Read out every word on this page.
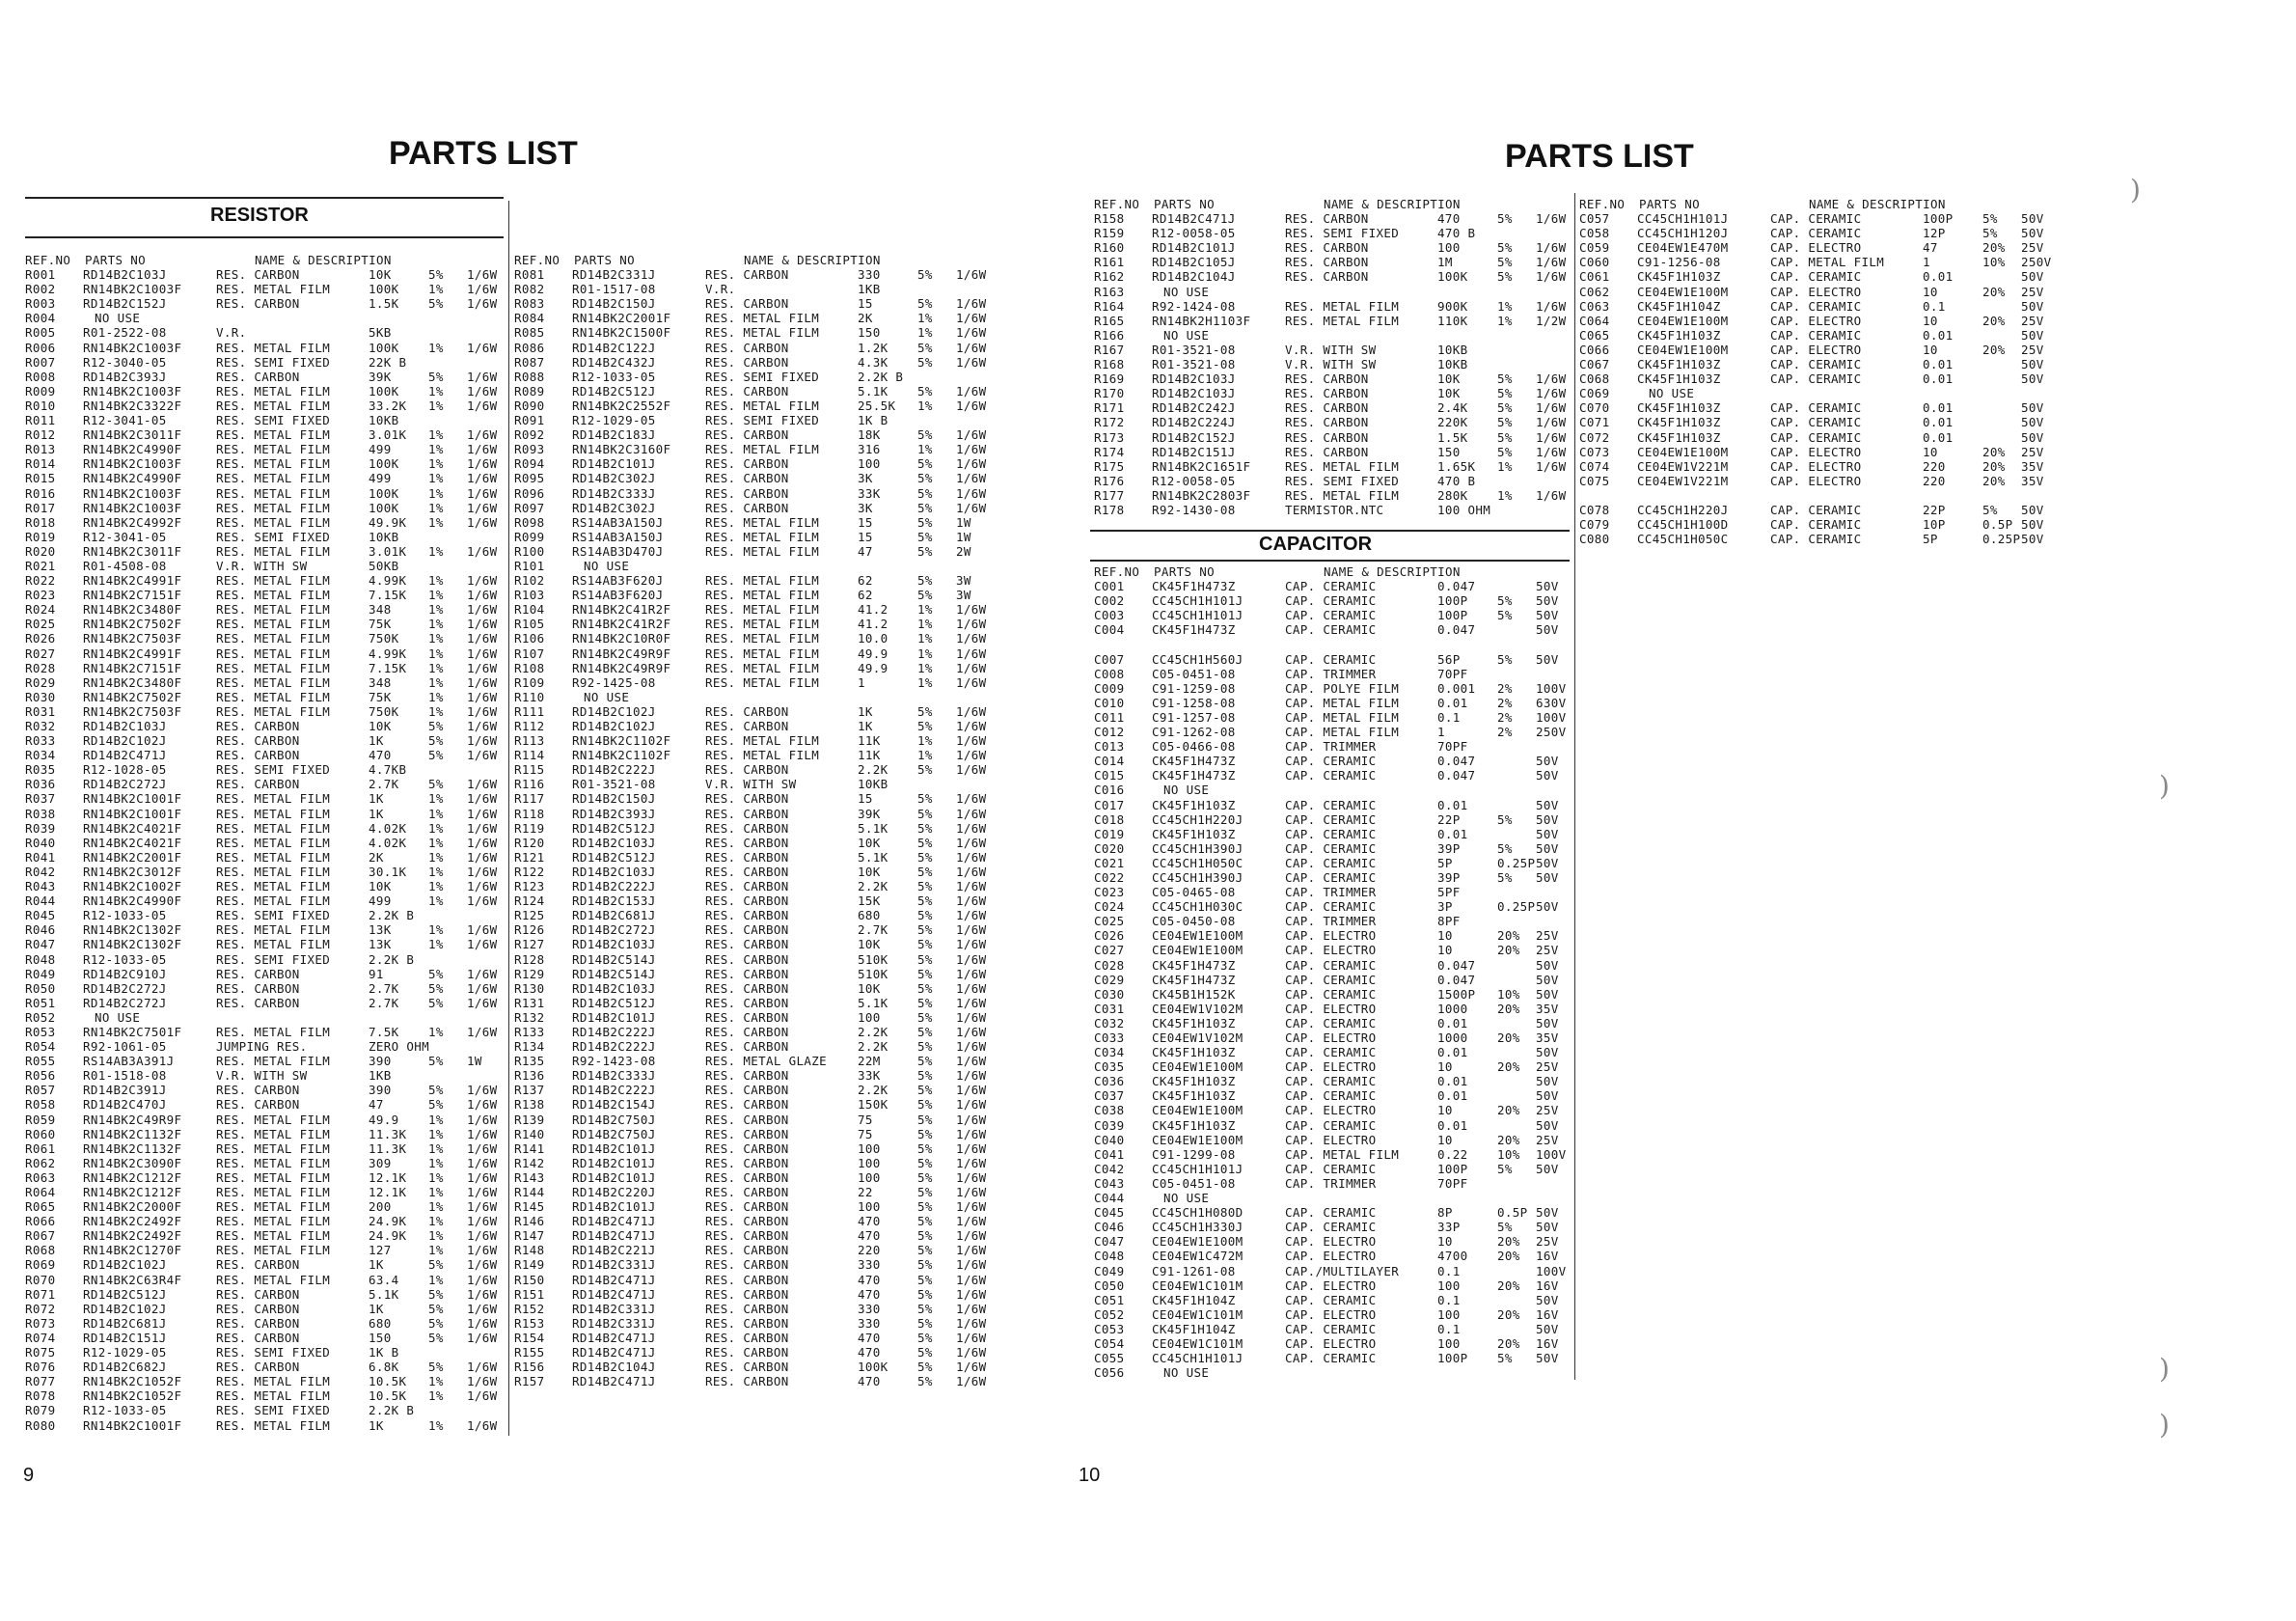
PARTS LIST
RESISTOR
REF.NO PARTS NO	NAME & DESCRIPTION
R001 RD14B2C103J	RES. CARBON	10K	5% 1/6W
R002 RN14BK2C1003F	RES. METAL FILM	100K 1% 1/6W
R003 RD14B2C152J	RES. CARBON	1.5K 5% 1/6W
R004	NO USE
R005 R01-2522-08	V.R.	5KB
R006 RN14BK2C1003F	RES. METAL FILM	100K 1% 1/6W
R007 R12-3040-05	RES. SEMI FIXED	22K B
R008 RD14B2C393J	RES. CARBON	39K	5% 1/6W
R009 RN14BK2C1003F	RES. METAL FILM	100K 1% 1/6W
R010 RN14BK2C3322F	RES. METAL FILM	33.2K 1% 1/6W
R011 R12-3041-05	RES. SEMI FIXED	10KB
R012 RN14BK2C3011F	RES. METAL FILM	3.01K 1% 1/6W
R013 RN14BK2C4990F	RES. METAL FILM	499	1% 1/6W
R014 RN14BK2C1003F	RES. METAL FILM	100K 1% 1/6W
R015 RN14BK2C4990F	RES. METAL FILM	499	1% 1/6W
R016 RN14BK2C1003F	RES. METAL FILM	100K 1% 1/6W
R017 RN14BK2C1003F	RES. METAL FILM	100K 1% 1/6W
R018 RN14BK2C4992F	RES. METAL FILM	49.9K 1% 1/6W
R019 R12-3041-05	RES. SEMI FIXED	10KB
R020 RN14BK2C3011F	RES. METAL FILM	3.01K 1% 1/6W
R021 R01-4508-08	V.R. WITH SW	50KB
R022 RN14BK2C4991F	RES. METAL FILM	4.99K 1% 1/6W
R023 RN14BK2C7151F	RES. METAL FILM	7.15K 1% 1/6W
R024 RN14BK2C3480F	RES. METAL FILM	348	1% 1/6W
R025 RN14BK2C7502F	RES. METAL FILM	75K	1% 1/6W
R026 RN14BK2C7503F	RES. METAL FILM	750K 1% 1/6W
R027 RN14BK2C4991F	RES. METAL FILM	4.99K 1% 1/6W
R028 RN14BK2C7151F	RES. METAL FILM	7.15K 1% 1/6W
R029 RN14BK2C3480F	RES. METAL FILM	348	1% 1/6W
R030 RN14BK2C7502F	RES. METAL FILM	75K	1% 1/6W
R031 RN14BK2C7503F	RES. METAL FILM	750K 1% 1/6W
R032 RD14B2C103J	RES. CARBON	10K	5% 1/6W
R033 RD14B2C102J	RES. CARBON	1K	5% 1/6W
R034 RD14B2C471J	RES. CARBON	470	5% 1/6W
R035 R12-1028-05	RES. SEMI FIXED	4.7KB
R036 RD14B2C272J	RES. CARBON	2.7K 5% 1/6W
R037 RN14BK2C1001F	RES. METAL FILM	1K	1% 1/6W
R038 RN14BK2C1001F	RES. METAL FILM	1K	1% 1/6W
R039 RN14BK2C4021F	RES. METAL FILM	4.02K 1% 1/6W
R040 RN14BK2C4021F	RES. METAL FILM	4.02K 1% 1/6W
R041 RN14BK2C2001F	RES. METAL FILM	2K	1% 1/6W
R042 RN14BK2C3012F	RES. METAL FILM	30.1K 1% 1/6W
R043 RN14BK2C1002F	RES. METAL FILM	10K	1% 1/6W
R044 RN14BK2C4990F	RES. METAL FILM	499	1% 1/6W
R045 R12-1033-05	RES. SEMI FIXED	2.2K B
R046 RN14BK2C1302F	RES. METAL FILM	13K	1% 1/6W
R047 RN14BK2C1302F	RES. METAL FILM	13K	1% 1/6W
R048 R12-1033-05	RES. SEMI FIXED	2.2K B
R049 RD14B2C910J	RES. CARBON	91	5% 1/6W
R050 RD14B2C272J	RES. CARBON	2.7K 5% 1/6W
R051 RD14B2C272J	RES. CARBON	2.7K 5% 1/6W
R052	NO USE
R053 RN14BK2C7501F	RES. METAL FILM	7.5K 1% 1/6W
R054 R92-1061-05	JUMPING RES.	ZERO OHM
R055 RS14AB3A391J	RES. METAL FILM	390	5% 1W
R056 R01-1518-08	V.R. WITH SW	1KB
R057 RD14B2C391J	RES. CARBON	390	5% 1/6W
R058 RD14B2C470J	RES. CARBON	47	5% 1/6W
R059 RN14BK2C49R9F	RES. METAL FILM	49.9 1% 1/6W
R060 RN14BK2C1132F	RES. METAL FILM	11.3K 1% 1/6W
R061 RN14BK2C1132F	RES. METAL FILM	11.3K 1% 1/6W
R062 RN14BK2C3090F	RES. METAL FILM	309	1% 1/6W
R063 RN14BK2C1212F	RES. METAL FILM	12.1K 1% 1/6W
R064 RN14BK2C1212F	RES. METAL FILM	12.1K 1% 1/6W
R065 RN14BK2C2000F	RES. METAL FILM	200	1% 1/6W
R066 RN14BK2C2492F	RES. METAL FILM	24.9K 1% 1/6W
R067 RN14BK2C2492F	RES. METAL FILM	24.9K 1% 1/6W
R068 RN14BK2C1270F	RES. METAL FILM	127	1% 1/6W
R069 RD14B2C102J	RES. CARBON	1K	5% 1/6W
R070 RN14BK2C63R4F	RES. METAL FILM	63.4 1% 1/6W
R071 RD14B2C512J	RES. CARBON	5.1K 5% 1/6W
R072 RD14B2C102J	RES. CARBON	1K	5% 1/6W
R073 RD14B2C681J	RES. CARBON	680	5% 1/6W
R074 RD14B2C151J	RES. CARBON	150	5% 1/6W
R075 R12-1029-05	RES. SEMI FIXED	1K B
R076 RD14B2C682J	RES. CARBON	6.8K 5% 1/6W
R077 RN14BK2C1052F	RES. METAL FILM	10.5K 1% 1/6W
R078 RN14BK2C1052F	RES. METAL FILM	10.5K 1% 1/6W
R079 R12-1033-05	RES. SEMI FIXED	2.2K B
R080 RN14BK2C1001F	RES. METAL FILM	1K	1% 1/6W
REF.NO PARTS NO	NAME & DESCRIPTION
R081 RD14B2C331J	RES. CARBON	330	5% 1/6W
R082 R01-1517-08	V.R.	1KB
R083 RD14B2C150J	RES. CARBON	15	5% 1/6W
R084 RN14BK2C2001F	RES. METAL FILM	2K	1% 1/6W
R085 RN14BK2C1500F	RES. METAL FILM	150	1% 1/6W
R086 RD14B2C122J	RES. CARBON	1.2K 5% 1/6W
R087 RD14B2C432J	RES. CARBON	4.3K 5% 1/6W
R088 R12-1033-05	RES. SEMI FIXED	2.2K B
R089 RD14B2C512J	RES. CARBON	5.1K 5% 1/6W
R090 RN14BK2C2552F	RES. METAL FILM	25.5K 1% 1/6W
R091 R12-1029-05	RES. SEMI FIXED	1K B
R092 RD14B2C183J	RES. CARBON	18K	5% 1/6W
R093 RN14BK2C3160F	RES. METAL FILM	316	1% 1/6W
R094 RD14B2C101J	RES. CARBON	100	5% 1/6W
R095 RD14B2C302J	RES. CARBON	3K	5% 1/6W
R096 RD14B2C333J	RES. CARBON	33K	5% 1/6W
R097 RD14B2C302J	RES. CARBON	3K	5% 1/6W
R098 RS14AB3A150J	RES. METAL FILM	15	5% 1W
R099 RS14AB3A150J	RES. METAL FILM	15	5% 1W
R100 RS14AB3D470J	RES. METAL FILM	47	5% 2W
R101	NO USE
R102 RS14AB3F620J	RES. METAL FILM	62	5% 3W
R103 RS14AB3F620J	RES. METAL FILM	62	5% 3W
R104 RN14BK2C41R2F	RES. METAL FILM	41.2 1% 1/6W
R105 RN14BK2C41R2F	RES. METAL FILM	41.2 1% 1/6W
R106 RN14BK2C10R0F	RES. METAL FILM	10.0 1% 1/6W
R107 RN14BK2C49R9F	RES. METAL FILM	49.9 1% 1/6W
R108 RN14BK2C49R9F	RES. METAL FILM	49.9 1% 1/6W
R109 R92-1425-08	RES. METAL FILM	1	1% 1/6W
R110	NO USE
R111 RD14B2C102J	RES. CARBON	1K	5% 1/6W
R112 RD14B2C102J	RES. CARBON	1K	5% 1/6W
R113 RN14BK2C1102F	RES. METAL FILM	11K	1% 1/6W
R114 RN14BK2C1102F	RES. METAL FILM	11K	1% 1/6W
R115 RD14B2C222J	RES. CARBON	2.2K 5% 1/6W
R116 R01-3521-08	V.R. WITH SW	10KB
R117 RD14B2C150J	RES. CARBON	15	5% 1/6W
R118 RD14B2C393J	RES. CARBON	39K	5% 1/6W
R119 RD14B2C512J	RES. CARBON	5.1K 5% 1/6W
R120 RD14B2C103J	RES. CARBON	10K	5% 1/6W
R121 RD14B2C512J	RES. CARBON	5.1K 5% 1/6W
R122 RD14B2C103J	RES. CARBON	10K	5% 1/6W
R123 RD14B2C222J	RES. CARBON	2.2K 5% 1/6W
R124 RD14B2C153J	RES. CARBON	15K	5% 1/6W
R125 RD14B2C681J	RES. CARBON	680	5% 1/6W
R126 RD14B2C272J	RES. CARBON	2.7K 5% 1/6W
R127 RD14B2C103J	RES. CARBON	10K	5% 1/6W
R128 RD14B2C514J	RES. CARBON	510K 5% 1/6W
R129 RD14B2C514J	RES. CARBON	510K 5% 1/6W
R130 RD14B2C103J	RES. CARBON	10K	5% 1/6W
R131 RD14B2C512J	RES. CARBON	5.1K 5% 1/6W
R132 RD14B2C101J	RES. CARBON	100	5% 1/6W
R133 RD14B2C222J	RES. CARBON	2.2K 5% 1/6W
R134 RD14B2C222J	RES. CARBON	2.2K 5% 1/6W
R135 R92-1423-08	RES. METAL GLAZE	22M	5% 1/6W
R136 RD14B2C333J	RES. CARBON	33K	5% 1/6W
R137 RD14B2C222J	RES. CARBON	2.2K 5% 1/6W
R138 RD14B2C154J	RES. CARBON	150K 5% 1/6W
R139 RD14B2C750J	RES. CARBON	75	5% 1/6W
R140 RD14B2C750J	RES. CARBON	75	5% 1/6W
R141 RD14B2C101J	RES. CARBON	100	5% 1/6W
R142 RD14B2C101J	RES. CARBON	100	5% 1/6W
R143 RD14B2C101J	RES. CARBON	100	5% 1/6W
R144 RD14B2C220J	RES. CARBON	22	5% 1/6W
R145 RD14B2C101J	RES. CARBON	100	5% 1/6W
R146 RD14B2C471J	RES. CARBON	470	5% 1/6W
R147 RD14B2C471J	RES. CARBON	470	5% 1/6W
R148 RD14B2C221J	RES. CARBON	220	5% 1/6W
R149 RD14B2C331J	RES. CARBON	330	5% 1/6W
R150 RD14B2C471J	RES. CARBON	470	5% 1/6W
R151 RD14B2C471J	RES. CARBON	470	5% 1/6W
R152 RD14B2C331J	RES. CARBON	330	5% 1/6W
R153 RD14B2C331J	RES. CARBON	330	5% 1/6W
R154 RD14B2C471J	RES. CARBON	470	5% 1/6W
R155 RD14B2C471J	RES. CARBON	470	5% 1/6W
R156 RD14B2C104J	RES. CARBON	100K 5% 1/6W
R157 RD14B2C471J	RES. CARBON	470	5% 1/6W
9
PARTS LIST
REF.NO PARTS NO	NAME & DESCRIPTION
R158 RD14B2C471J	RES. CARBON	470	5% 1/6W
R159 R12-0058-05	RES. SEMI FIXED	470 B
R160 RD14B2C101J	RES. CARBON	100	5% 1/6W
R161 RD14B2C105J	RES. CARBON	1M	5% 1/6W
R162 RD14B2C104J	RES. CARBON	100K 5% 1/6W
R163	NO USE
R164 R92-1424-08	RES. METAL FILM	900K 1% 1/6W
R165 RN14BK2H1103F	RES. METAL FILM	110K 1% 1/2W
R166	NO USE
R167 R01-3521-08	V.R. WITH SW	10KB
R168 R01-3521-08	V.R. WITH SW	10KB
R169 RD14B2C103J	RES. CARBON	10K	5% 1/6W
R170 RD14B2C103J	RES. CARBON	10K	5% 1/6W
R171 RD14B2C242J	RES. CARBON	2.4K 5% 1/6W
R172 RD14B2C224J	RES. CARBON	220K 5% 1/6W
R173 RD14B2C152J	RES. CARBON	1.5K 5% 1/6W
R174 RD14B2C151J	RES. CARBON	150	5% 1/6W
R175 RN14BK2C1651F	RES. METAL FILM	1.65K 1% 1/6W
R176 R12-0058-05	RES. SEMI FIXED	470 B
R177 RN14BK2C2803F	RES. METAL FILM	280K 1% 1/6W
R178 R92-1430-08	TERMISTOR.NTC	100 OHM
CAPACITOR
REF.NO PARTS NO	NAME & DESCRIPTION
C001 CK45F1H473Z	CAP. CERAMIC	0.047	50V
C002 CC45CH1H101J	CAP. CERAMIC	100P 5% 50V
C003 CC45CH1H101J	CAP. CERAMIC	100P 5% 50V
C004 CK45F1H473Z	CAP. CERAMIC	0.047	50V
C007 CC45CH1H560J	CAP. CERAMIC	56P	5% 50V
C008 C05-0451-08	CAP. TRIMMER	70PF
C009 C91-1259-08	CAP. POLYE FILM	0.001 2% 100V
C010 C91-1258-08	CAP. METAL FILM	0.01 2% 630V
C011 C91-1257-08	CAP. METAL FILM	0.1	2% 100V
C012 C91-1262-08	CAP. METAL FILM	1	2% 250V
C013 C05-0466-08	CAP. TRIMMER	70PF
C014 CK45F1H473Z	CAP. CERAMIC	0.047	50V
C015 CK45F1H473Z	CAP. CERAMIC	0.047	50V
C016	NO USE
C017 CK45F1H103Z	CAP. CERAMIC	0.01	50V
C018 CC45CH1H220J	CAP. CERAMIC	22P	5% 50V
C019 CK45F1H103Z	CAP. CERAMIC	0.01	50V
C020 CC45CH1H390J	CAP. CERAMIC	39P	5% 50V
C021 CC45CH1H050C	CAP. CERAMIC	5P	0.25P 50V
C022 CC45CH1H390J	CAP. CERAMIC	39P	5% 50V
C023 C05-0465-08	CAP. TRIMMER	5PF
C024 CC45CH1H030C	CAP. CERAMIC	3P	0.25P 50V
C025 C05-0450-08	CAP. TRIMMER	8PF
C026 CE04EW1E100M	CAP. ELECTRO	10	20% 25V
C027 CE04EW1E100M	CAP. ELECTRO	10	20% 25V
C028 CK45F1H473Z	CAP. CERAMIC	0.047	50V
C029 CK45F1H473Z	CAP. CERAMIC	0.047	50V
C030 CK45B1H152K	CAP. CERAMIC	1500P 10% 50V
C031 CE04EW1V102M	CAP. ELECTRO	1000 20% 35V
C032 CK45F1H103Z	CAP. CERAMIC	0.01	50V
C033 CE04EW1V102M	CAP. ELECTRO	1000 20% 35V
C034 CK45F1H103Z	CAP. CERAMIC	0.01	50V
C035 CE04EW1E100M	CAP. ELECTRO	10	20% 25V
C036 CK45F1H103Z	CAP. CERAMIC	0.01	50V
C037 CK45F1H103Z	CAP. CERAMIC	0.01	50V
C038 CE04EW1E100M	CAP. ELECTRO	10	20% 25V
C039 CK45F1H103Z	CAP. CERAMIC	0.01	50V
C040 CE04EW1E100M	CAP. ELECTRO	10	20% 25V
C041 C91-1299-08	CAP. METAL FILM	0.22 10% 100V
C042 CC45CH1H101J	CAP. CERAMIC	100P 5% 50V
C043 C05-0451-08	CAP. TRIMMER	70PF
C044	NO USE
C045 CC45CH1H080D	CAP. CERAMIC	8P	0.5P 50V
C046 CC45CH1H330J	CAP. CERAMIC	33P	5% 50V
C047 CE04EW1E100M	CAP. ELECTRO	10	20% 25V
C048 CE04EW1C472M	CAP. ELECTRO	4700 20% 16V
C049 C91-1261-08	CAP./MULTILAYER	0.1	100V
C050 CE04EW1C101M	CAP. ELECTRO	100	20% 16V
C051 CK45F1H104Z	CAP. CERAMIC	0.1	50V
C052 CE04EW1C101M	CAP. ELECTRO	100	20% 16V
C053 CK45F1H104Z	CAP. CERAMIC	0.1	50V
C054 CE04EW1C101M	CAP. ELECTRO	100	20% 16V
C055 CC45CH1H101J	CAP. CERAMIC	100P 5% 50V
C056	NO USE
REF.NO PARTS NO	NAME & DESCRIPTION
C057 CC45CH1H101J	CAP. CERAMIC	100P 5% 50V
C058 CC45CH1H120J	CAP. CERAMIC	12P	5% 50V
C059 CE04EW1E470M	CAP. ELECTRO	47	20% 25V
C060 C91-1256-08	CAP. METAL FILM	1	10% 250V
C061 CK45F1H103Z	CAP. CERAMIC	0.01	50V
C062 CE04EW1E100M	CAP. ELECTRO	10	20% 25V
C063 CK45F1H104Z	CAP. CERAMIC	0.1	50V
C064 CE04EW1E100M	CAP. ELECTRO	10	20% 25V
C065 CK45F1H103Z	CAP. CERAMIC	0.01	50V
C066 CE04EW1E100M	CAP. ELECTRO	10	20% 25V
C067 CK45F1H103Z	CAP. CERAMIC	0.01	50V
C068 CK45F1H103Z	CAP. CERAMIC	0.01	50V
C069	NO USE
C070 CK45F1H103Z	CAP. CERAMIC	0.01	50V
C071 CK45F1H103Z	CAP. CERAMIC	0.01	50V
C072 CK45F1H103Z	CAP. CERAMIC	0.01	50V
C073 CE04EW1E100M	CAP. ELECTRO	10	20% 25V
C074 CE04EW1V221M	CAP. ELECTRO	220	20% 35V
C075 CE04EW1V221M	CAP. ELECTRO	220	20% 35V
C078 CC45CH1H220J	CAP. CERAMIC	22P	5% 50V
C079 CC45CH1H100D	CAP. CERAMIC	10P	0.5P 50V
C080 CC45CH1H050C	CAP. CERAMIC	5P	0.25P 50V
10
)
)
)
)
